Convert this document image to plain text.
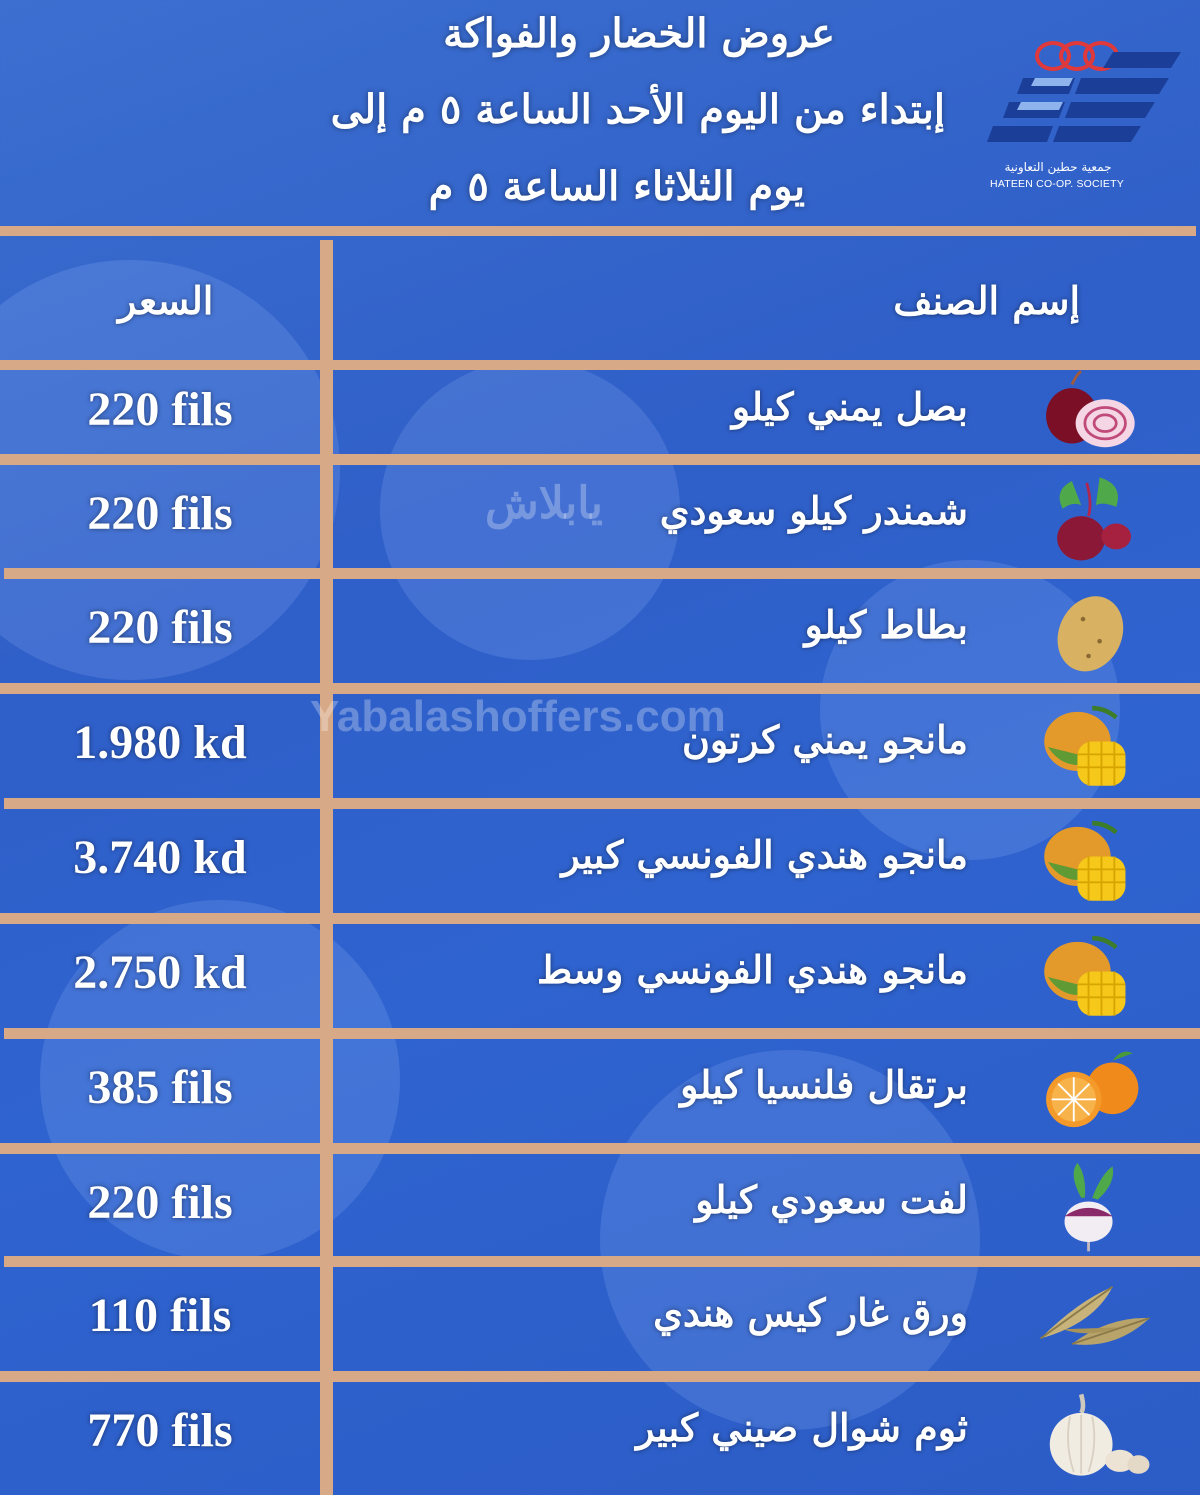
عروض الخضار والفواكة
إبتداء من اليوم الأحد الساعة ٥ م إلى
يوم الثلاثاء الساعة ٥ م	جمعية حطين التعاونية
HATEEN CO-OP. SOCIETY
السعر	إسم الصنف
220 fils	بصل يمني كيلو
220 fils	شمندر كيلو سعودي
220 fils	بطاط كيلو
1.980 kd	مانجو يمني كرتون
3.740 kd	مانجو هندي الفونسي كبير
2.750 kd	مانجو هندي الفونسي وسط
385 fils	برتقال فلنسيا كيلو
220 fils	لفت سعودي كيلو
110 fils	ورق غار كيس هندي
770 fils	ثوم شوال صيني كبير
Yabalashoffers.com
يابلاش
